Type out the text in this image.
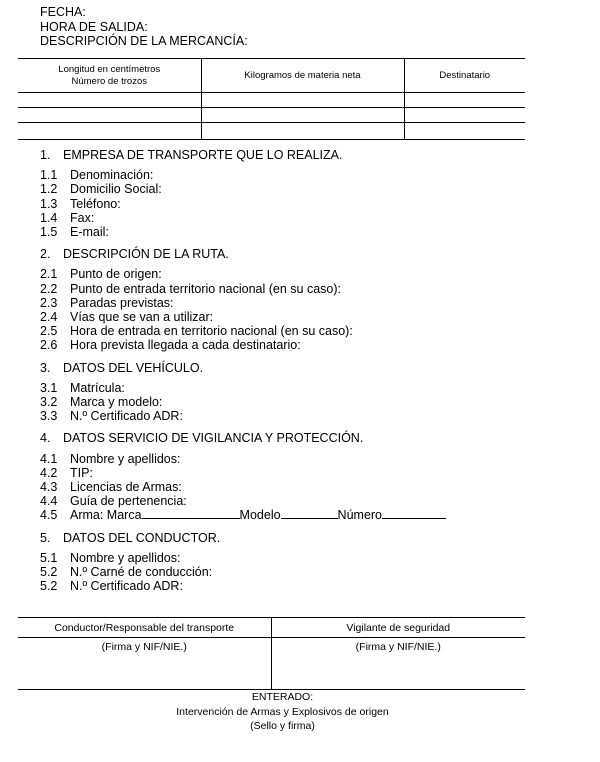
FECHA:
HORA DE SALIDA:
DESCRIPCIÓN DE LA MERCANCÍA:
Longitud en centímetros
Número de trozos	Kilogramos de materia neta	Destinatario

1. EMPRESA DE TRANSPORTE QUE LO REALIZA.
1.1 Denominación:
1.2 Domicilio Social:
1.3 Teléfono:
1.4 Fax:
1.5 E-mail:
2. DESCRIPCIÓN DE LA RUTA.
2.1 Punto de origen:
2.2 Punto de entrada territorio nacional (en su caso):
2.3 Paradas previstas:
2.4 Vías que se van a utilizar:
2.5 Hora de entrada en territorio nacional (en su caso):
2.6 Hora prevista llegada a cada destinatario:
3. DATOS DEL VEHÍCULO.
3.1 Matrícula:
3.2 Marca y modelo:
3.3 N.º Certificado ADR:
4. DATOS SERVICIO DE VIGILANCIA Y PROTECCIÓN.
4.1 Nombre y apellidos:
4.2 TIP:
4.3 Licencias de Armas:
4.4 Guía de pertenencia:
4.5 Arma: Marca	Modelo	Número
5. DATOS DEL CONDUCTOR.
5.1 Nombre y apellidos:
5.2 N.º Carné de conducción:
5.2 N.º Certificado ADR:
Conductor/Responsable del transporte	Vigilante de seguridad
(Firma y NIF/NIE.)	(Firma y NIF/NIE.)
ENTERADO:
Intervención de Armas y Explosivos de origen
(Sello y firma)
